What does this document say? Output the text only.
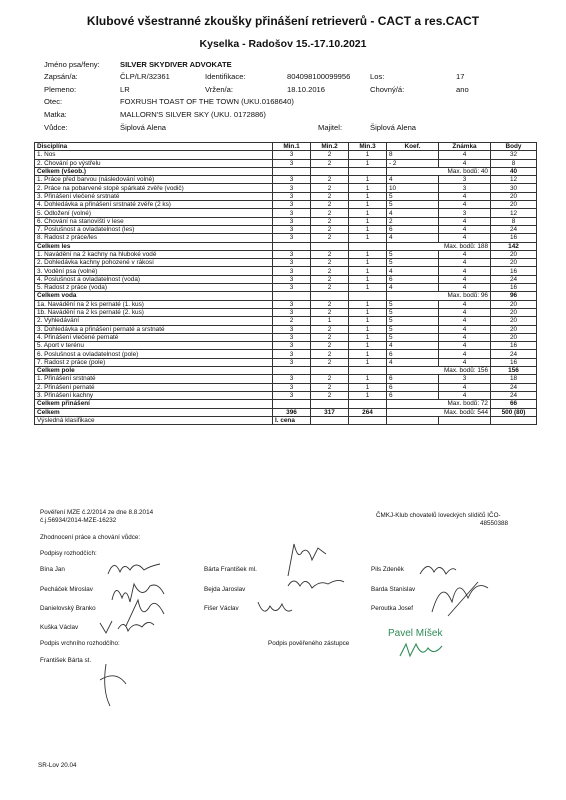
Klubové všestranné zkoušky přinášení retrieverů - CACT a res.CACT
Kyselka - Radošov 15.-17.10.2021
Jméno psa/feny:	SILVER SKYDIVER ADVOKATE
Zapsán/a:	ČLP/LR/32361	Identifikace:	804098100099956	Los:	17
Plemeno:	LR	Vržen/a:	18.10.2016	Chovný/á:	ano
Otec:	FOXRUSH TOAST OF THE TOWN (UKU.0168640)
Matka:	MALLORN'S SILVER SKY (UKU. 0172886)
Vůdce:	Šiplová Alena	Majitel:	Šiplová Alena
Disciplína	Min.1	Min.2	Min.3	Koef.	Známka	Body
1. Nos	3	2	1	8	4	32
2. Chování po výstřelu	3	2	1	- 2	4	8
Celkem (všeob.)				Max. bodů: 40		40
1. Práce před barvou (následování volné)	3	2	1	4	3	12
2. Práce na pobarvené stopě spárkaté zvěře (vodič)	3	2	1	10	3	30
3. Přinášení vlečené srstnaté	3	2	1	5	4	20
4. Dohledávka a přinášení srstnaté zvěře (2 ks)	3	2	1	5	4	20
5. Odložení (volné)	3	2	1	4	3	12
6. Chování na stanovišti v lese	3	2	1	2	4	8
7. Poslušnost a ovladatelnost (les)	3	2	1	6	4	24
8. Radost z práce/les	3	2	1	4	4	16
Celkem les				Max. bodů: 188		142
1. Navádění na 2 kachny na hluboké vodě	3	2	1	5	4	20
2. Dohledávka kachny pohozené v rákosí	3	2	1	5	4	20
3. Vodění psa (volné)	3	2	1	4	4	16
4. Poslušnost a ovladatelnost (voda)	3	2	1	6	4	24
5. Radost z práce (voda)	3	2	1	4	4	16
Celkem voda				Max. bodů: 96		96
1a. Navádění na 2 ks pernaté (1. kus)	3	2	1	5	4	20
1b. Navádění na 2 ks pernaté (2. kus)	3	2	1	5	4	20
2. Vyhledávání	2	1	1	5	4	20
3. Dohledávka a přinášení pernaté a srstnaté	3	2	1	5	4	20
4. Přinášení vlečené pernaté	3	2	1	5	4	20
5. Aport v terénu	3	2	1	4	4	16
6. Poslušnost a ovladatelnost (pole)	3	2	1	6	4	24
7. Radost z práce (pole)	3	2	1	4	4	16
Celkem pole				Max. bodů: 156		156
1. Přinášení srstnaté	3	2	1	6	3	18
2. Přinášení pernaté	3	2	1	6	4	24
3. Přinášení kachny	3	2	1	6	4	24
Celkem přinášení				Max. bodů: 72		66
Celkem	396	317	264	Max. bodů: 544		500 (80)
Výsledná klasifikace	I. cena					
Pověření MZE č.2/2014 ze dne 8.8.2014
č.j.56934/2014-MZE-16232
ČMKJ-Klub chovatelů loveckých slídičů IČO-
48550388
Zhodnocení práce a chování vůdce:
Podpisy rozhodčích:
Bína Jan
Pecháček Miroslav
Danielovský Branko
Kuška Václav
Bárta František ml.
Bejda Jaroslav
Fišer Václav
Pils Zdeněk
Barda Stanislav
Peroutka Josef
Podpis vrchního rozhodčího:
František Bárta st.
Podpis pověřeného zástupce
Pavel Míšek
SR-Lov 20.04
